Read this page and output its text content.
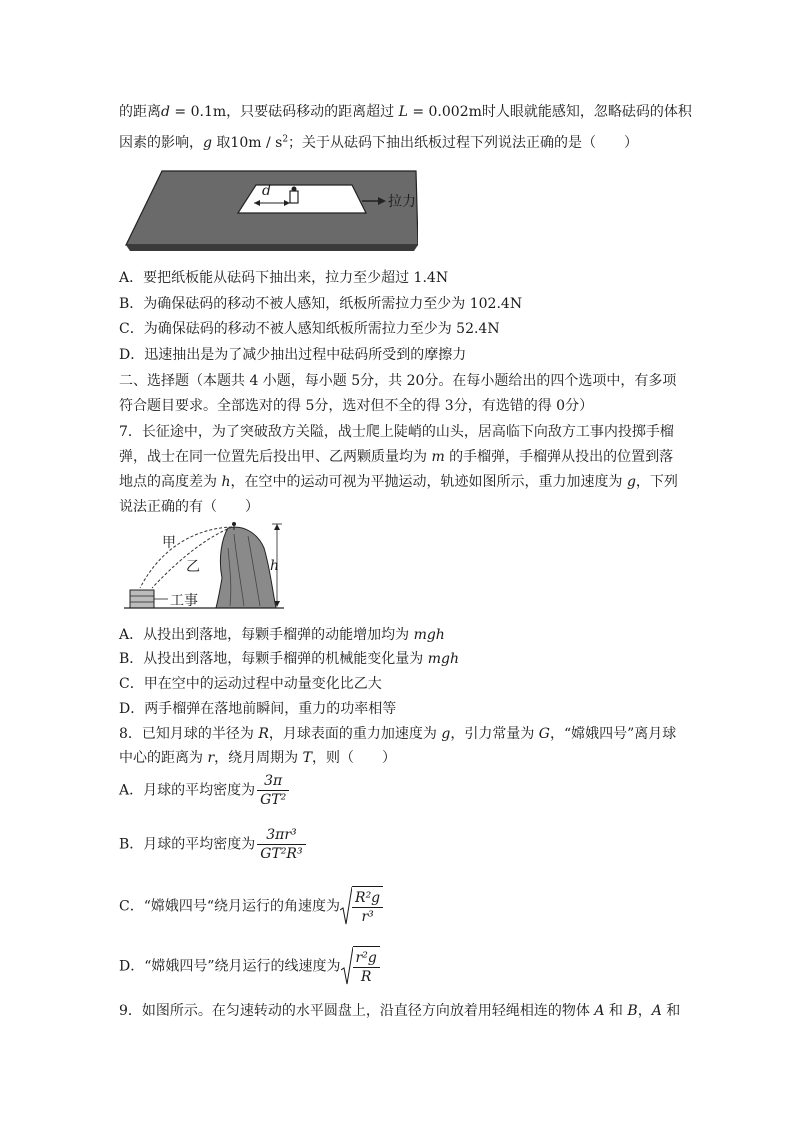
的距离d = 0.1m，只要砝码移动的距离超过 L = 0.002m时人眼就能感知，忽略砝码的体积
因素的影响，g 取$10m / s^2$；关于从砝码下抽出纸板过程下列说法正确的是（　　）
d
拉力
A．要把纸板能从砝码下抽出来，拉力至少超过 1.4N
B．为确保砝码的移动不被人感知，纸板所需拉力至少为 102.4N
C．为确保砝码的移动不被人感知纸板所需拉力至少为 52.4N
D．迅速抽出是为了减少抽出过程中砝码所受到的摩擦力
二、选择题（本题共 4 小题，每小题 5分，共 20分。在每小题给出的四个选项中，有多项
符合题目要求。全部选对的得 5分，选对但不全的得 3分，有选错的得 0分）
7．长征途中，为了突破敌方关隘，战士爬上陡峭的山头，居高临下向敌方工事内投掷手榴
弹，战士在同一位置先后投出甲、乙两颗质量均为 m 的手榴弹，手榴弹从投出的位置到落
地点的高度差为 h，在空中的运动可视为平抛运动，轨迹如图所示，重力加速度为 g，下列
说法正确的有（　　）
甲
乙	h
工事
A．从投出到落地，每颗手榴弹的动能增加均为 mgh
B．从投出到落地，每颗手榴弹的机械能变化量为 mgh
C．甲在空中的运动过程中动量变化比乙大
D．两手榴弹在落地前瞬间，重力的功率相等
8．已知月球的半径为 R，月球表面的重力加速度为 g，引力常量为 G，“嫦娥四号”离月球
中心的距离为 r，绕月周期为 T，则（　　）
A．月球的平均密度为 $\frac{3\pi}{\text{GT²}}$
B．月球的平均密度为 $\frac{\text{3πr³}}{\text{GT²R³}}$
C．“嫦娥四号“绕月运行的角速度为 $\frac{\text{R²g}}{\text{r³}}$
D．“嫦娥四号”绕月运行的线速度为 $\frac{\text{r²g}}{R}$
9．如图所示。在匀速转动的水平圆盘上，沿直径方向放着用轻绳相连的物体 A 和 B，A 和
